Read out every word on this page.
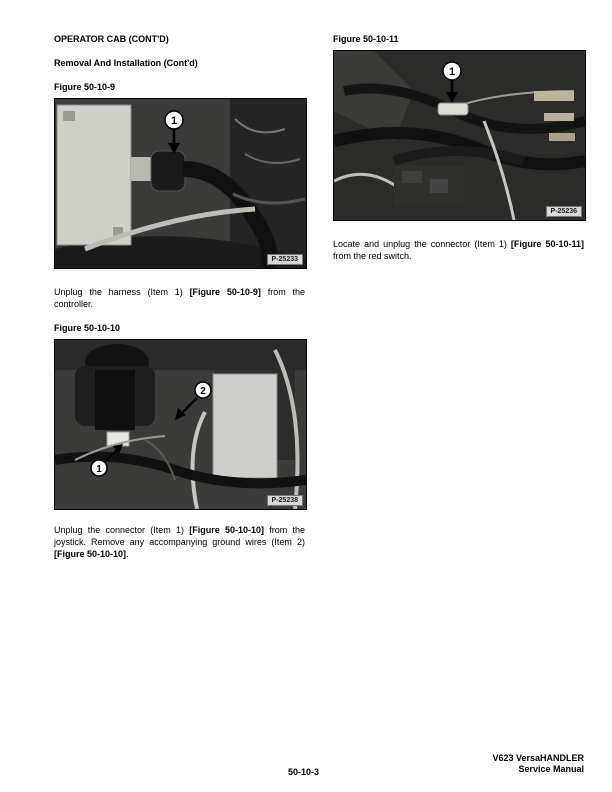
OPERATOR CAB (CONT'D)
Removal And Installation (Cont'd)
Figure 50-10-9
1
P-25233
Unplug the harness (Item 1) [Figure 50-10-9] from the controller.
Figure 50-10-10
2
1
P-25238
Unplug the connector (Item 1) [Figure 50-10-10] from the joystick. Remove any accompanying ground wires (Item 2) [Figure 50-10-10].
Figure 50-10-11
1
P-25236
Locate and unplug the connector (Item 1) [Figure 50-10-11] from the red switch.
50-10-3
V623 VersaHANDLER
Service Manual
